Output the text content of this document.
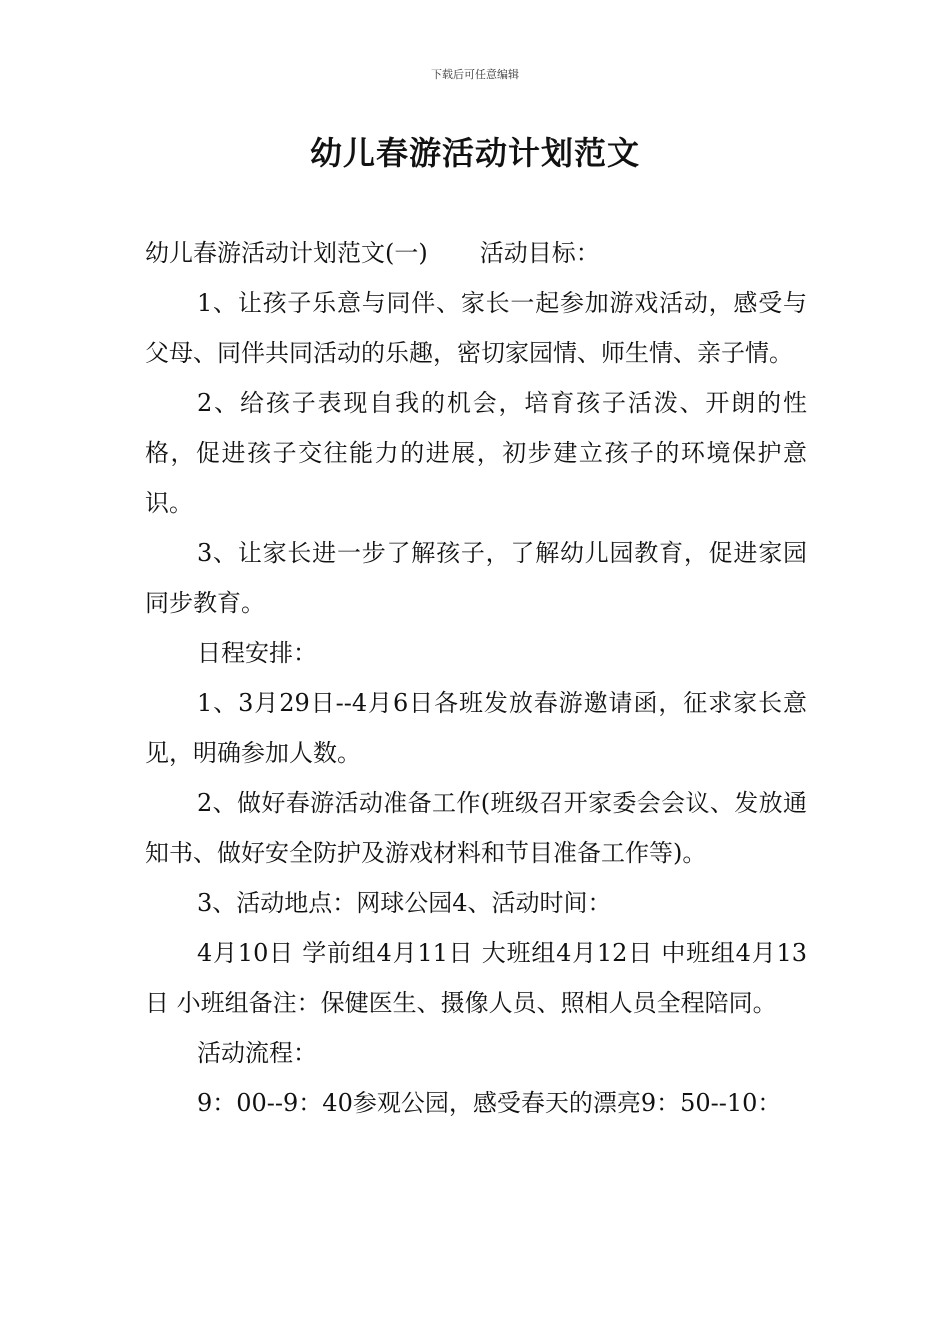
下载后可任意编辑
幼儿春游活动计划范文

幼儿春游活动计划范文(一) 活动目标：

1、让孩子乐意与同伴、家长一起参加游戏活动，感受与父母、同伴共同活动的乐趣，密切家园情、师生情、亲子情。

2、给孩子表现自我的机会，培育孩子活泼、开朗的性格，促进孩子交往能力的进展，初步建立孩子的环境保护意识。

3、让家长进一步了解孩子，了解幼儿园教育，促进家园同步教育。

日程安排：

1、3月29日--4月6日各班发放春游邀请函，征求家长意见，明确参加人数。

2、做好春游活动准备工作(班级召开家委会会议、发放通知书、做好安全防护及游戏材料和节目准备工作等)。

3、活动地点：网球公园4、活动时间：

4月10日 学前组4月11日 大班组4月12日 中班组4月13日 小班组备注：保健医生、摄像人员、照相人员全程陪同。

活动流程：

9：00--9：40参观公园，感受春天的漂亮9：50--10：
